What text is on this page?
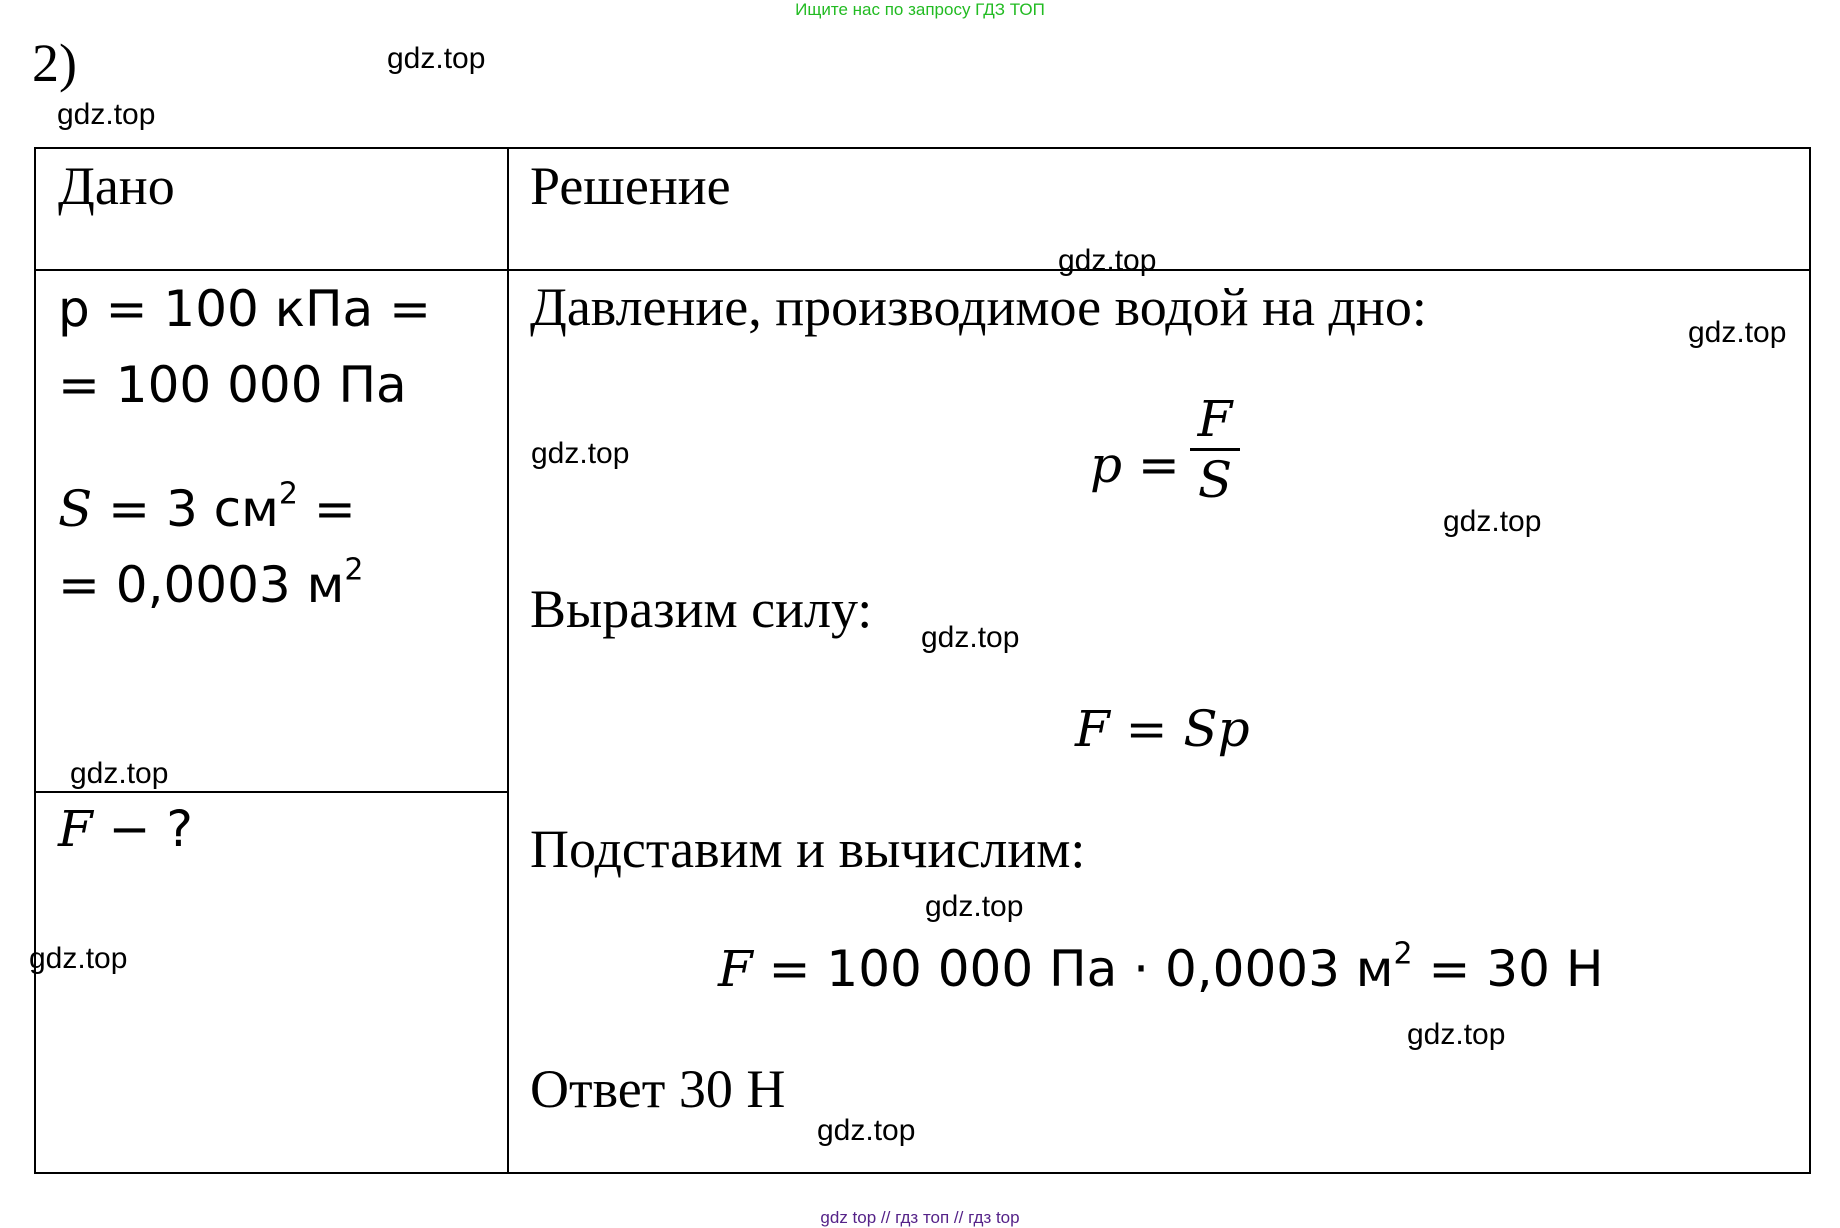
Ищите нас по запросу ГДЗ ТОП
2)
Дано	Решение
p = 100 кПа =
= 100 000 Па
S = 3 $см^2$ =
= 0,0003 $м^2$
F − ?
Давление, производимое водой на дно:
p =
F
S
Выразим силу:
F = Sp
Подставим и вычислим:
F = 100 000 Па · 0,0003 $м^2 = 30$ Н
Ответ 30 Н
gdz.top
gdz.top
gdz.top
gdz.top
gdz.top
gdz.top
gdz.top
gdz.top
gdz.top
gdz.top
gdz.top
gdz.top
gdz top // гдз топ // гдз top
